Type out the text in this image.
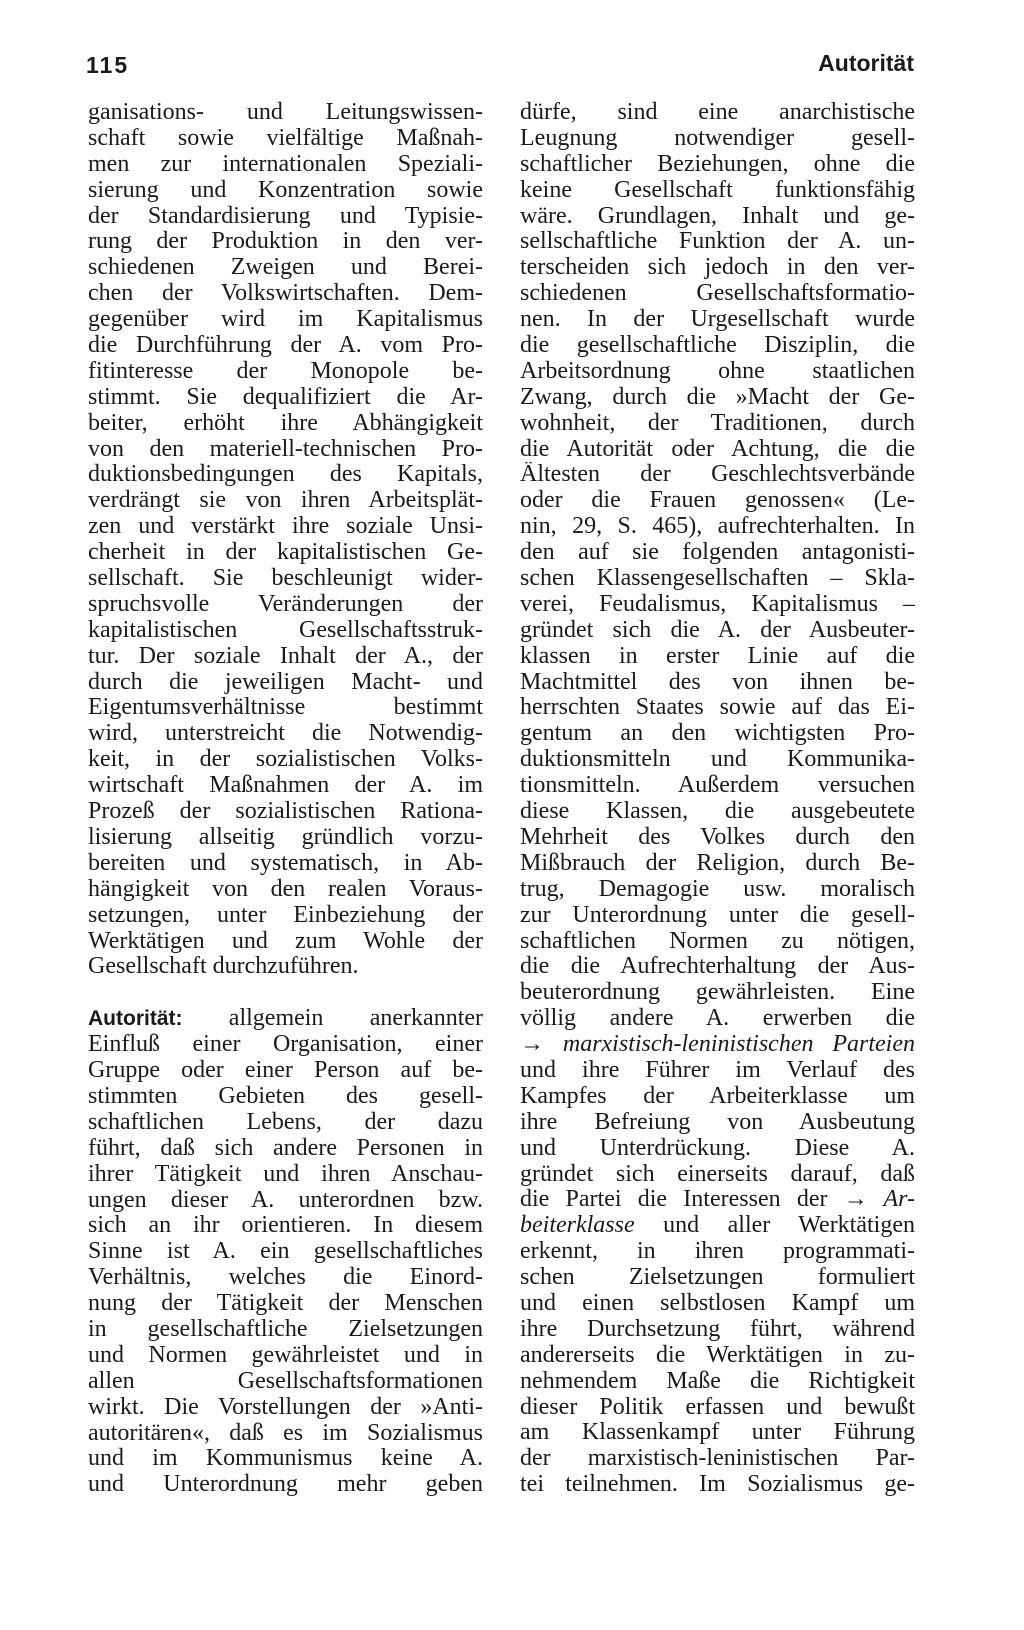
115	Autorität
ganisations- und Leitungswissen-
schaft sowie vielfältige Maßnah-
men zur internationalen Speziali-
sierung und Konzentration sowie
der Standardisierung und Typisie-
rung der Produktion in den ver-
schiedenen Zweigen und Berei-
chen der Volkswirtschaften. Dem-
gegenüber wird im Kapitalismus
die Durchführung der A. vom Pro-
fitinteresse der Monopole be-
stimmt. Sie dequalifiziert die Ar-
beiter, erhöht ihre Abhängigkeit
von den materiell-technischen Pro-
duktionsbedingungen des Kapitals,
verdrängt sie von ihren Arbeitsplät-
zen und verstärkt ihre soziale Unsi-
cherheit in der kapitalistischen Ge-
sellschaft. Sie beschleunigt wider-
spruchsvolle Veränderungen der
kapitalistischen Gesellschaftsstruk-
tur. Der soziale Inhalt der A., der
durch die jeweiligen Macht- und
Eigentumsverhältnisse bestimmt
wird, unterstreicht die Notwendig-
keit, in der sozialistischen Volks-
wirtschaft Maßnahmen der A. im
Prozeß der sozialistischen Rationa-
lisierung allseitig gründlich vorzu-
bereiten und systematisch, in Ab-
hängigkeit von den realen Voraus-
setzungen, unter Einbeziehung der
Werktätigen und zum Wohle der
Gesellschaft durchzuführen.
Autorität: allgemein anerkannter
Einfluß einer Organisation, einer
Gruppe oder einer Person auf be-
stimmten Gebieten des gesell-
schaftlichen Lebens, der dazu
führt, daß sich andere Personen in
ihrer Tätigkeit und ihren Anschau-
ungen dieser A. unterordnen bzw.
sich an ihr orientieren. In diesem
Sinne ist A. ein gesellschaftliches
Verhältnis, welches die Einord-
nung der Tätigkeit der Menschen
in gesellschaftliche Zielsetzungen
und Normen gewährleistet und in
allen Gesellschaftsformationen
wirkt. Die Vorstellungen der »Anti-
autoritären«, daß es im Sozialismus
und im Kommunismus keine A.
und Unterordnung mehr geben
dürfe, sind eine anarchistische
Leugnung notwendiger gesell-
schaftlicher Beziehungen, ohne die
keine Gesellschaft funktionsfähig
wäre. Grundlagen, Inhalt und ge-
sellschaftliche Funktion der A. un-
terscheiden sich jedoch in den ver-
schiedenen Gesellschaftsformatio-
nen. In der Urgesellschaft wurde
die gesellschaftliche Disziplin, die
Arbeitsordnung ohne staatlichen
Zwang, durch die »Macht der Ge-
wohnheit, der Traditionen, durch
die Autorität oder Achtung, die die
Ältesten der Geschlechtsverbände
oder die Frauen genossen« (Le-
nin, 29, S. 465), aufrechterhalten. In
den auf sie folgenden antagonisti-
schen Klassengesellschaften – Skla-
verei, Feudalismus, Kapitalismus –
gründet sich die A. der Ausbeuter-
klassen in erster Linie auf die
Machtmittel des von ihnen be-
herrschten Staates sowie auf das Ei-
gentum an den wichtigsten Pro-
duktionsmitteln und Kommunika-
tionsmitteln. Außerdem versuchen
diese Klassen, die ausgebeutete
Mehrheit des Volkes durch den
Mißbrauch der Religion, durch Be-
trug, Demagogie usw. moralisch
zur Unterordnung unter die gesell-
schaftlichen Normen zu nötigen,
die die Aufrechterhaltung der Aus-
beuterordnung gewährleisten. Eine
völlig andere A. erwerben die
→ marxistisch-leninistischen Parteien
und ihre Führer im Verlauf des
Kampfes der Arbeiterklasse um
ihre Befreiung von Ausbeutung
und Unterdrückung. Diese A.
gründet sich einerseits darauf, daß
die Partei die Interessen der → Ar-
beiterklasse und aller Werktätigen
erkennt, in ihren programmati-
schen Zielsetzungen formuliert
und einen selbstlosen Kampf um
ihre Durchsetzung führt, während
andererseits die Werktätigen in zu-
nehmendem Maße die Richtigkeit
dieser Politik erfassen und bewußt
am Klassenkampf unter Führung
der marxistisch-leninistischen Par-
tei teilnehmen. Im Sozialismus ge-
